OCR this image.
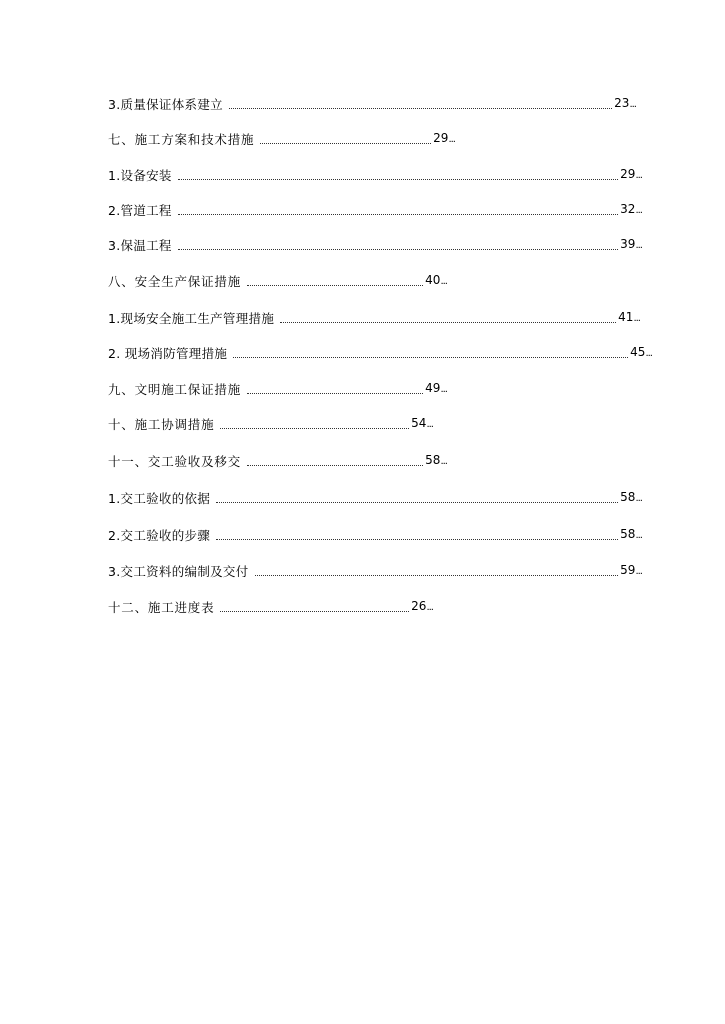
3.质量保证体系建立	23 ...
七、施工方案和技术措施	29 ...
1.设备安装	29 ...
2.管道工程	32 ...
3.保温工程	39 ...
八、安全生产保证措施	40 ...
1.现场安全施工生产管理措施	41 ...
2. 现场消防管理措施	45 ...
九、文明施工保证措施	49 ...
十、施工协调措施	54 ...
十一、交工验收及移交	58 ...
1.交工验收的依据	58 ...
2.交工验收的步骤	58 ...
3.交工资料的编制及交付	59 ...
十二、施工进度表	26 ...
